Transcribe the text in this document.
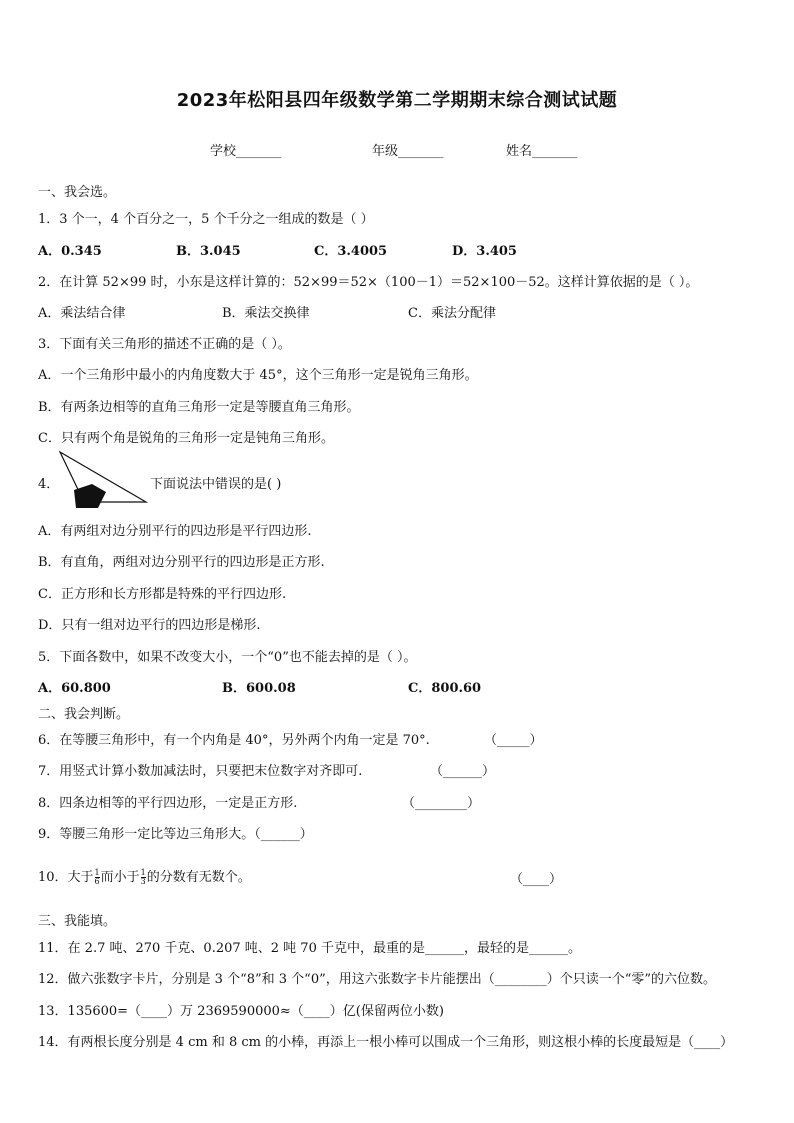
2023年松阳县四年级数学第二学期期末综合测试试题
学校_______	年级_______	姓名_______
一、我会选。
1．3 个一，4 个百分之一，5 个千分之一组成的数是（ ）
A．0.345	B．3.045	C．3.4005	D．3.405
2．在计算 52×99 时，小东是这样计算的：52×99＝52×（100－1）＝52×100－52。这样计算依据的是（ ）。
A．乘法结合律	B．乘法交换律	C．乘法分配律
3．下面有关三角形的描述不正确的是（ ）。
A．一个三角形中最小的内角度数大于 45°，这个三角形一定是锐角三角形。
B．有两条边相等的直角三角形一定是等腰直角三角形。
C．只有两个角是锐角的三角形一定是钝角三角形。
4．	下面说法中错误的是( )
A．有两组对边分别平行的四边形是平行四边形.
B．有直角，两组对边分别平行的四边形是正方形.
C．正方形和长方形都是特殊的平行四边形.
D．只有一组对边平行的四边形是梯形.
5．下面各数中，如果不改变大小，一个“0”也不能去掉的是（ ）。
A．60.800	B．600.08	C．800.60
二、我会判断。
6．在等腰三角形中，有一个内角是 40°，另外两个内角一定是 70°.	（_____）
7．用竖式计算小数加减法时，只要把末位数字对齐即可.	（______）
8．四条边相等的平行四边形，一定是正方形.	（________）
9．等腰三角形一定比等边三角形大。（______）
10．大于 $\frac{1}{6}$ 而小于 $\frac{1}{3}$ 的分数有无数个。	（____）
三、我能填。
11．在 2.7 吨、270 千克、0.207 吨、2 吨 70 千克中，最重的是______，最轻的是______。
12．做六张数字卡片，分别是 3 个“8”和 3 个“0”，用这六张数字卡片能摆出（________）个只读一个“零”的六位数。
13．135600=（____）万 2369590000≈（____）亿(保留两位小数)
14．有两根长度分别是 4 cm 和 8 cm 的小棒，再添上一根小棒可以围成一个三角形，则这根小棒的长度最短是（____）
